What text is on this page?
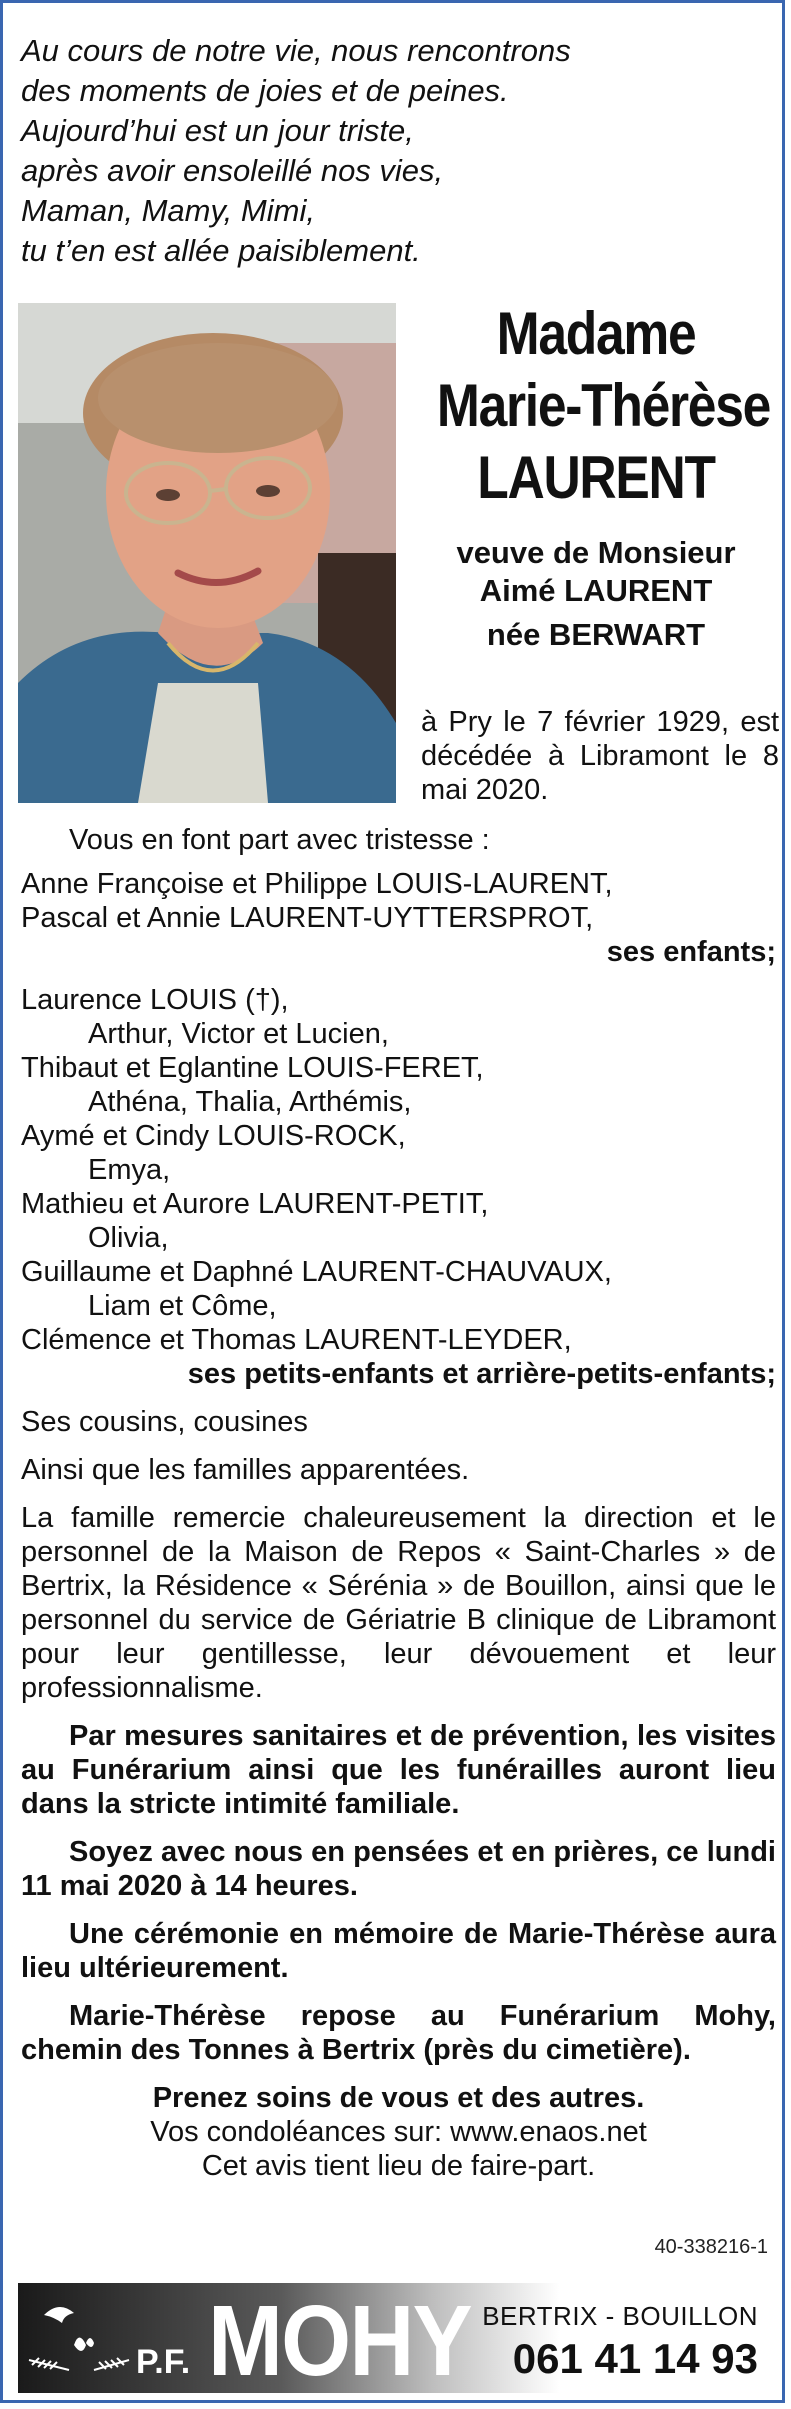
Au cours de notre vie, nous rencontrons
des moments de joies et de peines.
Aujourd’hui est un jour triste,
après avoir ensoleillé nos vies,
Maman, Mamy, Mimi,
tu t’en est allée paisiblement.
Madame
Marie-Thérèse
LAURENT
veuve de Monsieur
Aimé LAURENT
née BERWART
à Pry le 7 février 1929, est décédée à Libramont le 8 mai 2020.
Vous en font part avec tristesse :
Anne Françoise et Philippe LOUIS-LAURENT,
Pascal et Annie LAURENT-UYTTERSPROT,
ses enfants;
Laurence LOUIS (†),
Arthur, Victor et Lucien,
Thibaut et Eglantine LOUIS-FERET,
Athéna, Thalia, Arthémis,
Aymé et Cindy LOUIS-ROCK,
Emya,
Mathieu et Aurore LAURENT-PETIT,
Olivia,
Guillaume et Daphné LAURENT-CHAUVAUX,
Liam et Côme,
Clémence et Thomas LAURENT-LEYDER,
ses petits-enfants et arrière-petits-enfants;
Ses cousins, cousines
Ainsi que les familles apparentées.
La famille remercie chaleureusement la direction et le personnel de la Maison de Repos « Saint-Charles » de Bertrix, la Résidence « Sérénia » de Bouillon, ainsi que le personnel du service de Gériatrie B clinique de Libramont pour leur gentillesse, leur dévouement et leur professionnalisme.
Par mesures sanitaires et de prévention, les visites au Funérarium ainsi que les funérailles auront lieu dans la stricte intimité familiale.
Soyez avec nous en pensées et en prières, ce lundi 11 mai 2020 à 14 heures.
Une cérémonie en mémoire de Marie-Thérèse aura lieu ultérieurement.
Marie-Thérèse repose au Funérarium Mohy, chemin des Tonnes à Bertrix (près du cimetière).
Prenez soins de vous et des autres.
Vos condoléances sur: www.enaos.net
Cet avis tient lieu de faire-part.
40-338216-1
P.F. MOHY BERTRIX - BOUILLON
061 41 14 93
